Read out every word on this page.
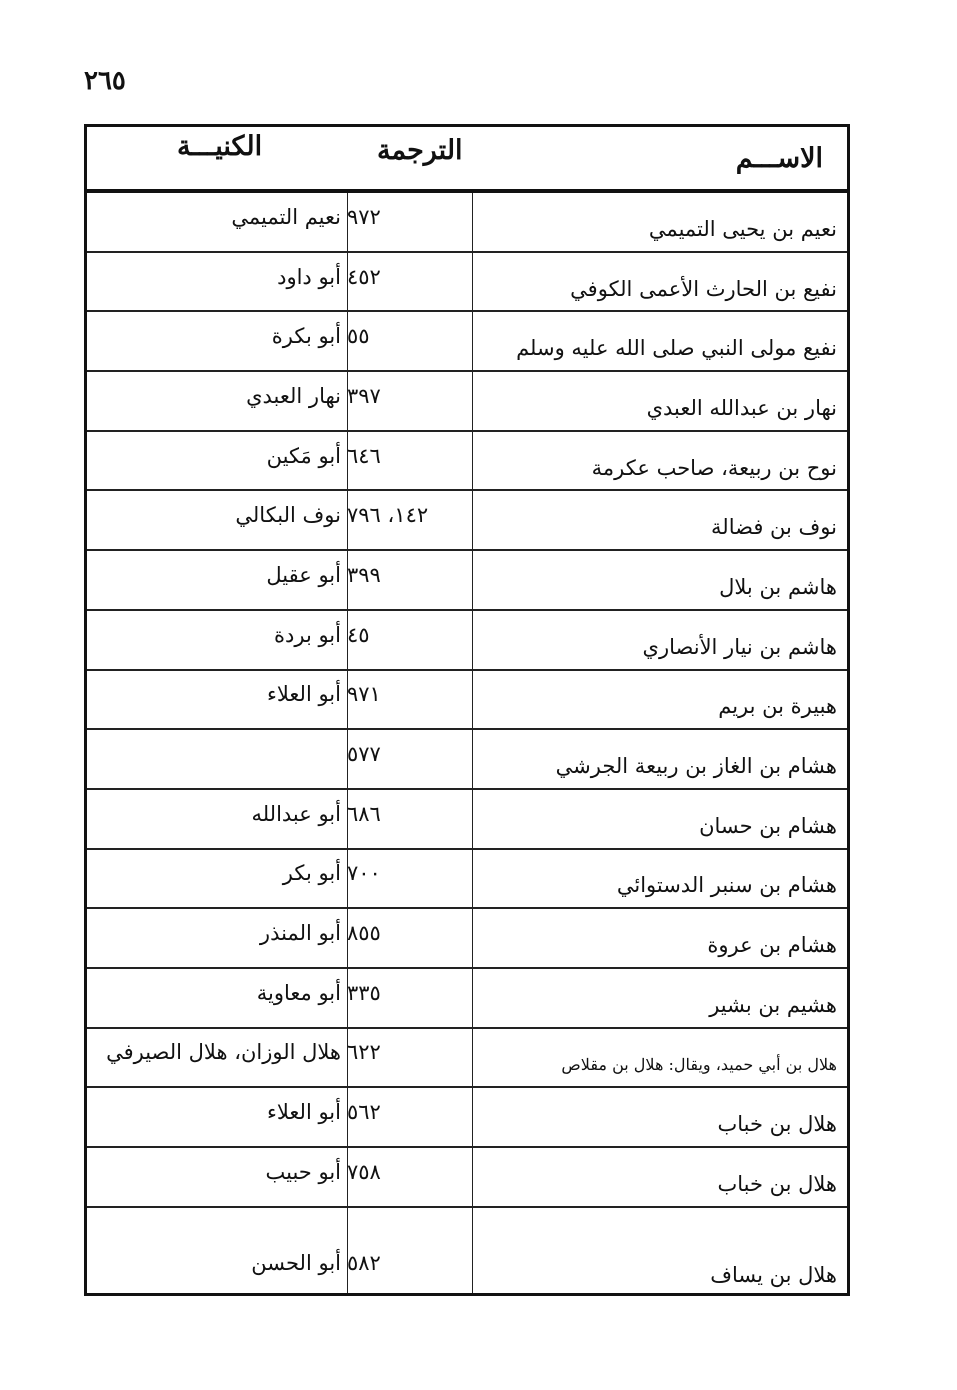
٢٦٥
الاســـم
الترجمة
الكنيـــة
نعيم بن يحيى التميمي
٩٧٢
نعيم التميمي
نفيع بن الحارث الأعمى الكوفي
٤٥٢
أبو داود
نفيع مولى النبي صلى الله عليه وسلم
٥٥
أبو بكرة
نهار بن عبدالله العبدي
٣٩٧
نهار العبدي
نوح بن ربيعة، صاحب عكرمة
٦٤٦
أبو مَكين
نوف بن فضالة
١٤٢، ٧٩٦
نوف البكالي
هاشم بن بلال
٣٩٩
أبو عقيل
هاشم بن نيار الأنصاري
٤٥
أبو بردة
هبيرة بن بريم
٩٧١
أبو العلاء
هشام بن الغاز بن ربيعة الجرشي
٥٧٧
هشام بن حسان
٦٨٦
أبو عبدالله
هشام بن سنبر الدستوائي
٧٠٠
أبو بكر
هشام بن عروة
٨٥٥
أبو المنذر
هشيم بن بشير
٣٣٥
أبو معاوية
هلال بن أبي حميد، ويقال: هلال بن مقلاص
٦٢٢
هلال الوزان، هلال الصيرفي
هلال بن خباب
٥٦٢
أبو العلاء
هلال بن خباب
٧٥٨
أبو حبيب
هلال بن يساف
٥٨٢
أبو الحسن
